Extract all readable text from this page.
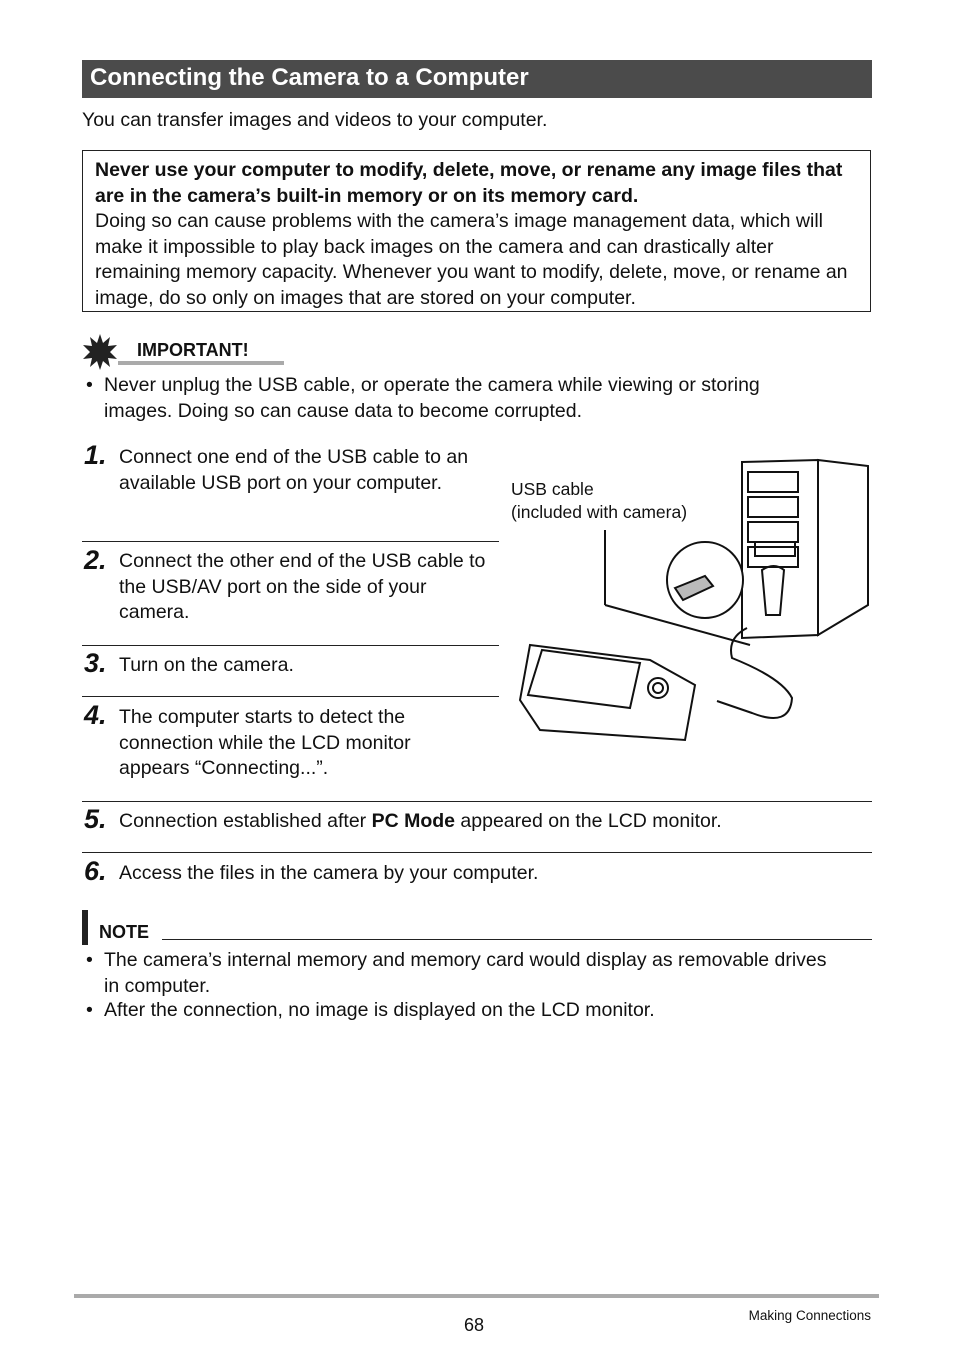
Connecting the Camera to a Computer
You can transfer images and videos to your computer.
Never use your computer to modify, delete, move, or rename any image files that are in the camera’s built-in memory or on its memory card.
Doing so can cause problems with the camera’s image management data, which will make it impossible to play back images on the camera and can drastically alter remaining memory capacity. Whenever you want to modify, delete, move, or rename an image, do so only on images that are stored on your computer.
IMPORTANT!
• Never unplug the USB cable, or operate the camera while viewing or storing images. Doing so can cause data to become corrupted.
1. Connect one end of the USB cable to an available USB port on your computer.
2. Connect the other end of the USB cable to the USB/AV port on the side of your camera.
3. Turn on the camera.
4. The computer starts to detect the connection while the LCD monitor appears “Connecting...”.
5. Connection established after PC Mode appeared on the LCD monitor.
6. Access the files in the camera by your computer.
USB cable
(included with camera)
NOTE
• The camera’s internal memory and memory card would display as removable drives in computer.
• After the connection, no image is displayed on the LCD monitor.
68	Making Connections
